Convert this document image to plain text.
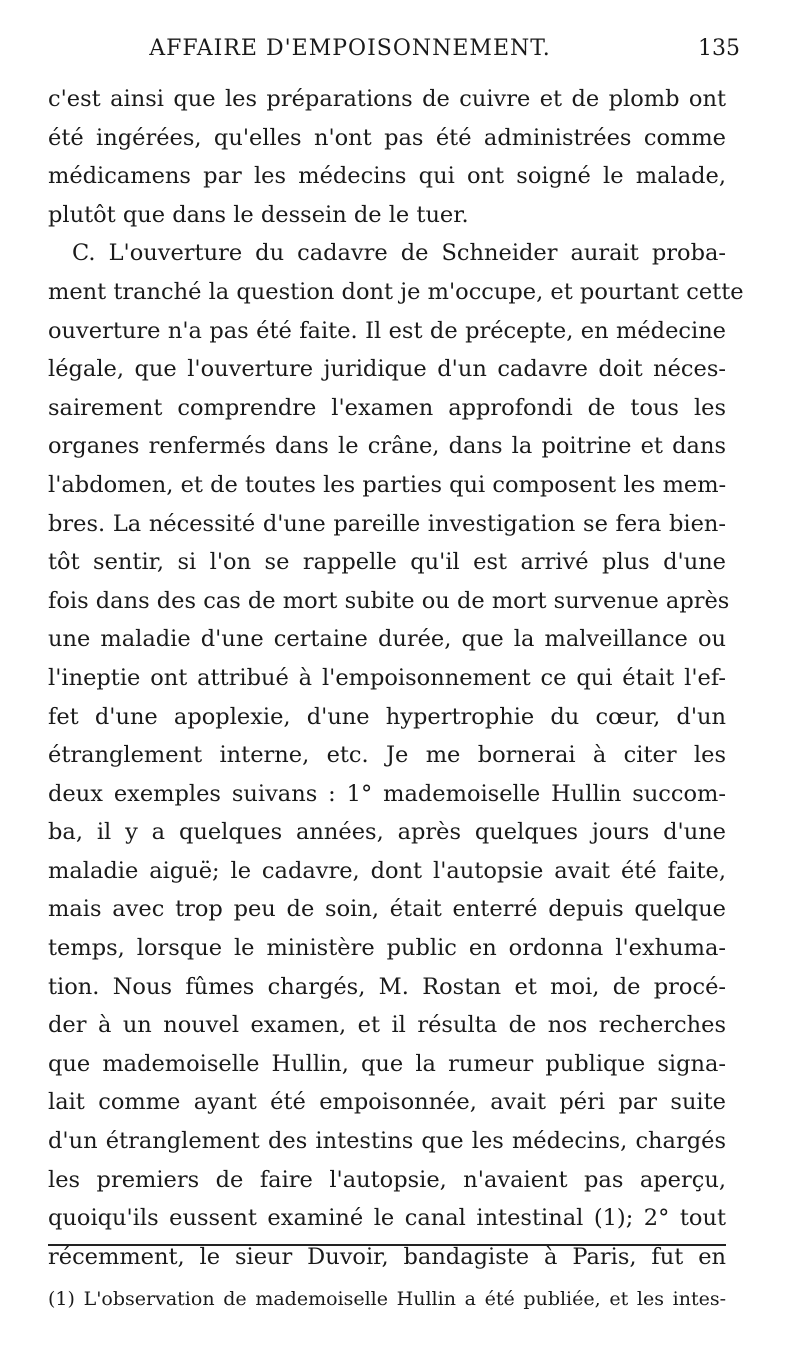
AFFAIRE D'EMPOISONNEMENT.	135
c'est ainsi que les préparations de cuivre et de plomb ont
été ingérées, qu'elles n'ont pas été administrées comme
médicamens par les médecins qui ont soigné le malade,
plutôt que dans le dessein de le tuer.
C. L'ouverture du cadavre de Schneider aurait proba-
ment tranché la question dont je m'occupe, et pourtant cette
ouverture n'a pas été faite. Il est de précepte, en médecine
légale, que l'ouverture juridique d'un cadavre doit néces-
sairement comprendre l'examen approfondi de tous les
organes renfermés dans le crâne, dans la poitrine et dans
l'abdomen, et de toutes les parties qui composent les mem-
bres. La nécessité d'une pareille investigation se fera bien-
tôt sentir, si l'on se rappelle qu'il est arrivé plus d'une
fois dans des cas de mort subite ou de mort survenue après
une maladie d'une certaine durée, que la malveillance ou
l'ineptie ont attribué à l'empoisonnement ce qui était l'ef-
fet d'une apoplexie, d'une hypertrophie du cœur, d'un
étranglement interne, etc. Je me bornerai à citer les
deux exemples suivans : 1° mademoiselle Hullin succom-
ba, il y a quelques années, après quelques jours d'une
maladie aiguë; le cadavre, dont l'autopsie avait été faite,
mais avec trop peu de soin, était enterré depuis quelque
temps, lorsque le ministère public en ordonna l'exhuma-
tion. Nous fûmes chargés, M. Rostan et moi, de procé-
der à un nouvel examen, et il résulta de nos recherches
que mademoiselle Hullin, que la rumeur publique signa-
lait comme ayant été empoisonnée, avait péri par suite
d'un étranglement des intestins que les médecins, chargés
les premiers de faire l'autopsie, n'avaient pas aperçu,
quoiqu'ils eussent examiné le canal intestinal (1); 2° tout
récemment, le sieur Duvoir, bandagiste à Paris, fut en
(1) L'observation de mademoiselle Hullin a été publiée, et les intes-
